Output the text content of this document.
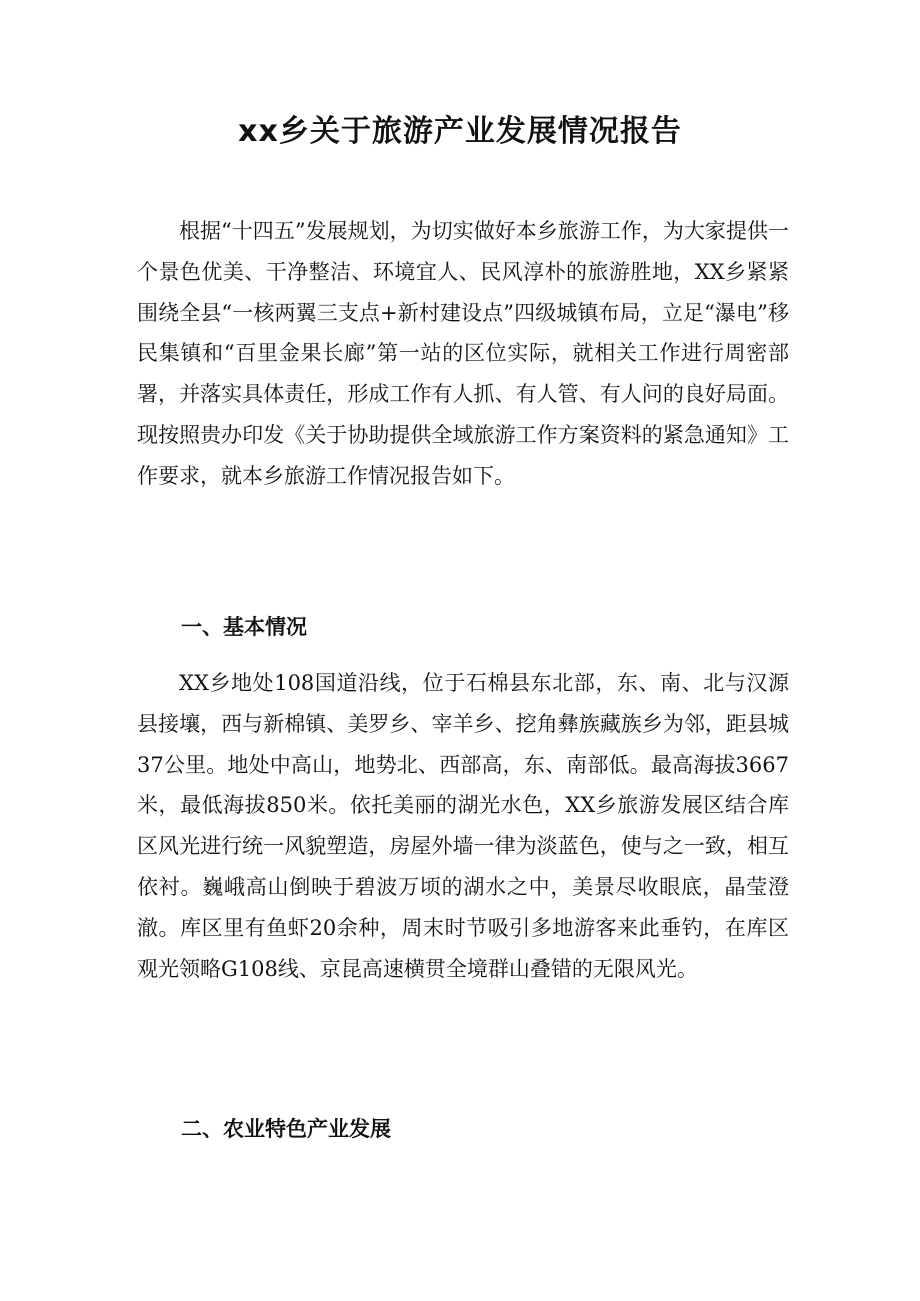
xx乡关于旅游产业发展情况报告

根据“十四五”发展规划，为切实做好本乡旅游工作，为大家提供一个景色优美、干净整洁、环境宜人、民风淳朴的旅游胜地，XX乡紧紧围绕全县“一核两翼三支点+新村建设点”四级城镇布局，立足“瀑电”移民集镇和“百里金果长廊”第一站的区位实际，就相关工作进行周密部署，并落实具体责任，形成工作有人抓、有人管、有人问的良好局面。现按照贵办印发《关于协助提供全域旅游工作方案资料的紧急通知》工作要求，就本乡旅游工作情况报告如下。

一、基本情况

XX乡地处108国道沿线，位于石棉县东北部，东、南、北与汉源县接壤，西与新棉镇、美罗乡、宰羊乡、挖角彝族藏族乡为邻，距县城37公里。地处中高山，地势北、西部高，东、南部低。最高海拔3667米，最低海拔850米。依托美丽的湖光水色，XX乡旅游发展区结合库区风光进行统一风貌塑造，房屋外墙一律为淡蓝色，使与之一致，相互依衬。巍峨高山倒映于碧波万顷的湖水之中，美景尽收眼底，晶莹澄澈。库区里有鱼虾20余种，周末时节吸引多地游客来此垂钓，在库区观光领略G108线、京昆高速横贯全境群山叠错的无限风光。

二、农业特色产业发展
